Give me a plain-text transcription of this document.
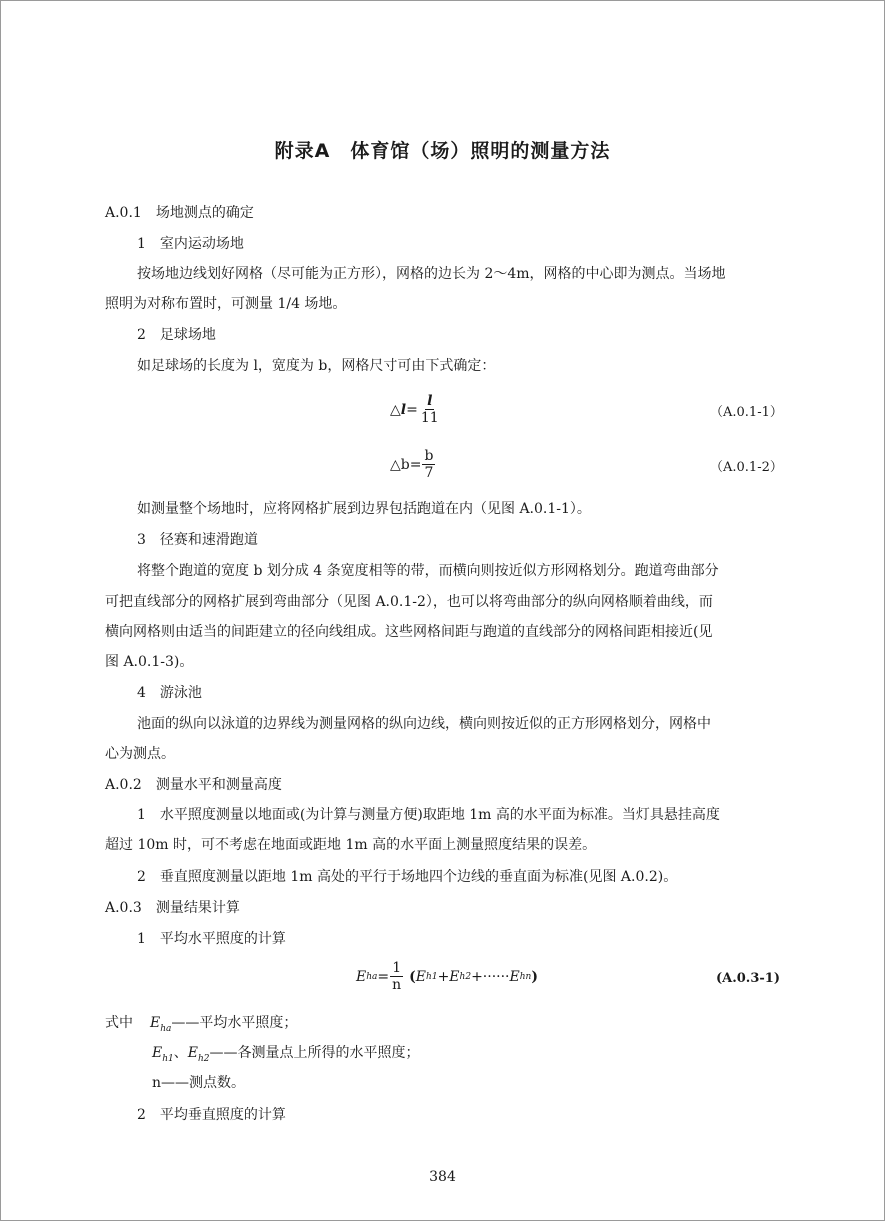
附录A　体育馆（场）照明的测量方法
A.0.1　场地测点的确定
1　室内运动场地
按场地边线划好网格（尽可能为正方形），网格的边长为 2～4m，网格的中心即为测点。当场地
照明为对称布置时，可测量 1/4 场地。
2　足球场地
如足球场的长度为 l，宽度为 b，网格尺寸可由下式确定：
△ $l = \frac{l}{11}$	（A.0.1-1）
△b= $\frac{b}{7}$	（A.0.1-2）
如测量整个场地时，应将网格扩展到边界包括跑道在内（见图 A.0.1-1）。
3　径赛和速滑跑道
将整个跑道的宽度 b 划分成 4 条宽度相等的带，而横向则按近似方形网格划分。跑道弯曲部分
可把直线部分的网格扩展到弯曲部分（见图 A.0.1-2），也可以将弯曲部分的纵向网格顺着曲线，而
横向网格则由适当的间距建立的径向线组成。这些网格间距与跑道的直线部分的网格间距相接近(见
图 A.0.1-3)。
4　游泳池
池面的纵向以泳道的边界线为测量网格的纵向边线，横向则按近似的正方形网格划分，网格中
心为测点。
A.0.2　测量水平和测量高度
1　水平照度测量以地面或(为计算与测量方便)取距地 1m 高的水平面为标准。当灯具悬挂高度
超过 10m 时，可不考虑在地面或距地 1m 高的水平面上测量照度结果的误差。
2　垂直照度测量以距地 1m 高处的平行于场地四个边线的垂直面为标准(见图 A.0.2)。
A.0.3　测量结果计算
1　平均水平照度的计算
E ha = $\frac{1}{n}$ ( E h1 + E h2 +······ E hn )	(A.0.3-1)
式中 $E_{ha}——$平均水平照度；
$E_{h1}$、$E_{h2}——$各测量点上所得的水平照度；
n——测点数。
2　平均垂直照度的计算
384
